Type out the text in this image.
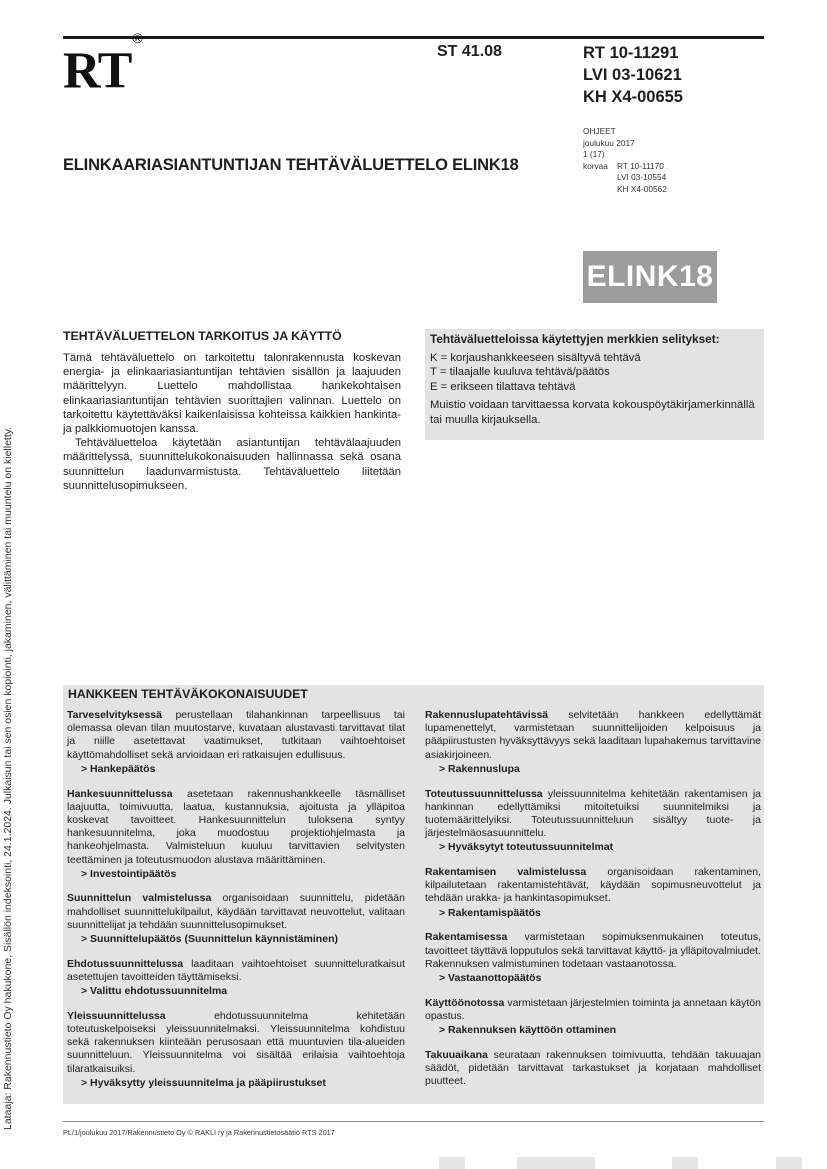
RT®
ST 41.08	RT 10-11291
LVI 03-10621
KH X4-00655
OHJEET
joulukuu 2017
1 (17)
korvaa RT 10-11170
LVI 03-10554
KH X4-00562
ELINKAARIASIANTUNTIJAN TEHTÄVÄLUETTELO ELINK18
ELINK18
Lataaja: Rakennustieto Oy hakukone, Sisällön indeksointi, 24.1.2024. Julkaisun tai sen osien kopiointi, jakaminen, välittäminen tai muuntelu on kielletty.
TEHTÄVÄLUETTELON TARKOITUS JA KÄYTTÖ

Tämä tehtäväluettelo on tarkoitettu talonrakennusta koskevan energia- ja elinkaariasiantuntijan tehtävien sisällön ja laajuuden määrittelyyn. Luettelo mahdollistaa hankekohtaisen elinkaariasiantuntijan tehtävien suorittajien valinnan. Luettelo on tarkoitettu käytettäväksi kaikenlaisissa kohteissa kaikkien hankinta- ja palkkiomuotojen kanssa.

Tehtäväluetteloa käytetään asiantuntijan tehtävälaajuuden määrittelyssä, suunnittelukokonaisuuden hallinnassa sekä osana suunnittelun laadunvarmistusta. Tehtäväluettelo liitetään suunnittelusopimukseen.

Tehtäväluetteloissa käytettyjen merkkien selitykset:
K = korjaushankkeeseen sisältyvä tehtävä
T = tilaajalle kuuluva tehtävä/päätös
E = erikseen tilattava tehtävä
Muistio voidaan tarvittaessa korvata kokouspöytäkirjamerkinnällä tai muulla kirjauksella.
HANKKEEN TEHTÄVÄKOKONAISUUDET
Tarveselvityksessä perustellaan tilahankinnan tarpeellisuus tai olemassa olevan tilan muutostarve, kuvataan alustavasti tarvittavat tilat ja niille asetettavat vaatimukset, tutkitaan vaihtoehtoiset käyttömahdolliset sekä arvioidaan eri ratkaisujen edullisuus.
> Hankepäätös
Hankesuunnittelussa asetetaan rakennushankkeelle täsmälliset laajuutta, toimivuutta, laatua, kustannuksia, ajoitusta ja ylläpitoa koskevat tavoitteet. Hankesuunnittelun tuloksena syntyy hankesuunnitelma, joka muodostuu projektiohjelmasta ja hankeohjelmasta. Valmisteluun kuuluu tarvittavien selvitysten teettäminen ja toteutusmuodon alustava määrittäminen.
> Investointipäätös
Suunnittelun valmistelussa organisoidaan suunnittelu, pidetään mahdolliset suunnittelukilpailut, käydään tarvittavat neuvottelut, valitaan suunnittelijat ja tehdään suunnittelusopimukset.
> Suunnittelupäätös (Suunnittelun käynnistäminen)
Ehdotussuunnittelussa laaditaan vaihtoehtoiset suunnitteluratkaisut asetettujen tavoitteiden täyttämiseksi.
> Valittu ehdotussuunnitelma
Yleissuunnittelussa ehdotussuunnitelma kehitetään toteutuskelpoiseksi yleissuunnitelmaksi. Yleissuunnitelma kohdistuu sekä rakennuksen kiinteään perusosaan että muuntuvien tila-alueiden suunnitteluun. Yleissuunnitelma voi sisältää erilaisia vaihtoehtoja tilaratkaisuiksi.
> Hyväksytty yleissuunnitelma ja pääpiirustukset
Rakennuslupatehtävissä selvitetään hankkeen edellyttämät lupamenettelyt, varmistetaan suunnittelijoiden kelpoisuus ja pääpiirustusten hyväksyttävyys sekä laaditaan lupahakemus tarvittavine asiakirjoineen.
> Rakennuslupa
Toteutussuunnittelussa yleissuunnitelma kehitetään rakentamisen ja hankinnan edellyttämiksi mitoitetuiksi suunnitelmiksi ja tuotemäärittelyiksi. Toteutussuunnitteluun sisältyy tuote- ja järjestelmäosasuunnittelu.
> Hyväksytyt toteutussuunnitelmat
Rakentamisen valmistelussa organisoidaan rakentaminen, kilpailutetaan rakentamistehtävät, käydään sopimusneuvottelut ja tehdään urakka- ja hankintasopimukset.
> Rakentamispäätös
Rakentamisessa varmistetaan sopimuksenmukainen toteutus, tavoitteet täyttävä lopputulos sekä tarvittavat käyttö- ja ylläpitovalmiudet. Rakennuksen valmistuminen todetaan vastaanotossa.
> Vastaanottopäätös
Käyttöönotossa varmistetaan järjestelmien toiminta ja annetaan käytön opastus.
> Rakennuksen käyttöön ottaminen
Takuuaikana seurataan rakennuksen toimivuutta, tehdään takuuajan säädöt, pidetään tarvittavat tarkastukset ja korjataan mahdolliset puutteet.
PL/1/joulukuu 2017/Rakennustieto Oy © RAKLI ry ja Rakennustietosäätiö RTS 2017
